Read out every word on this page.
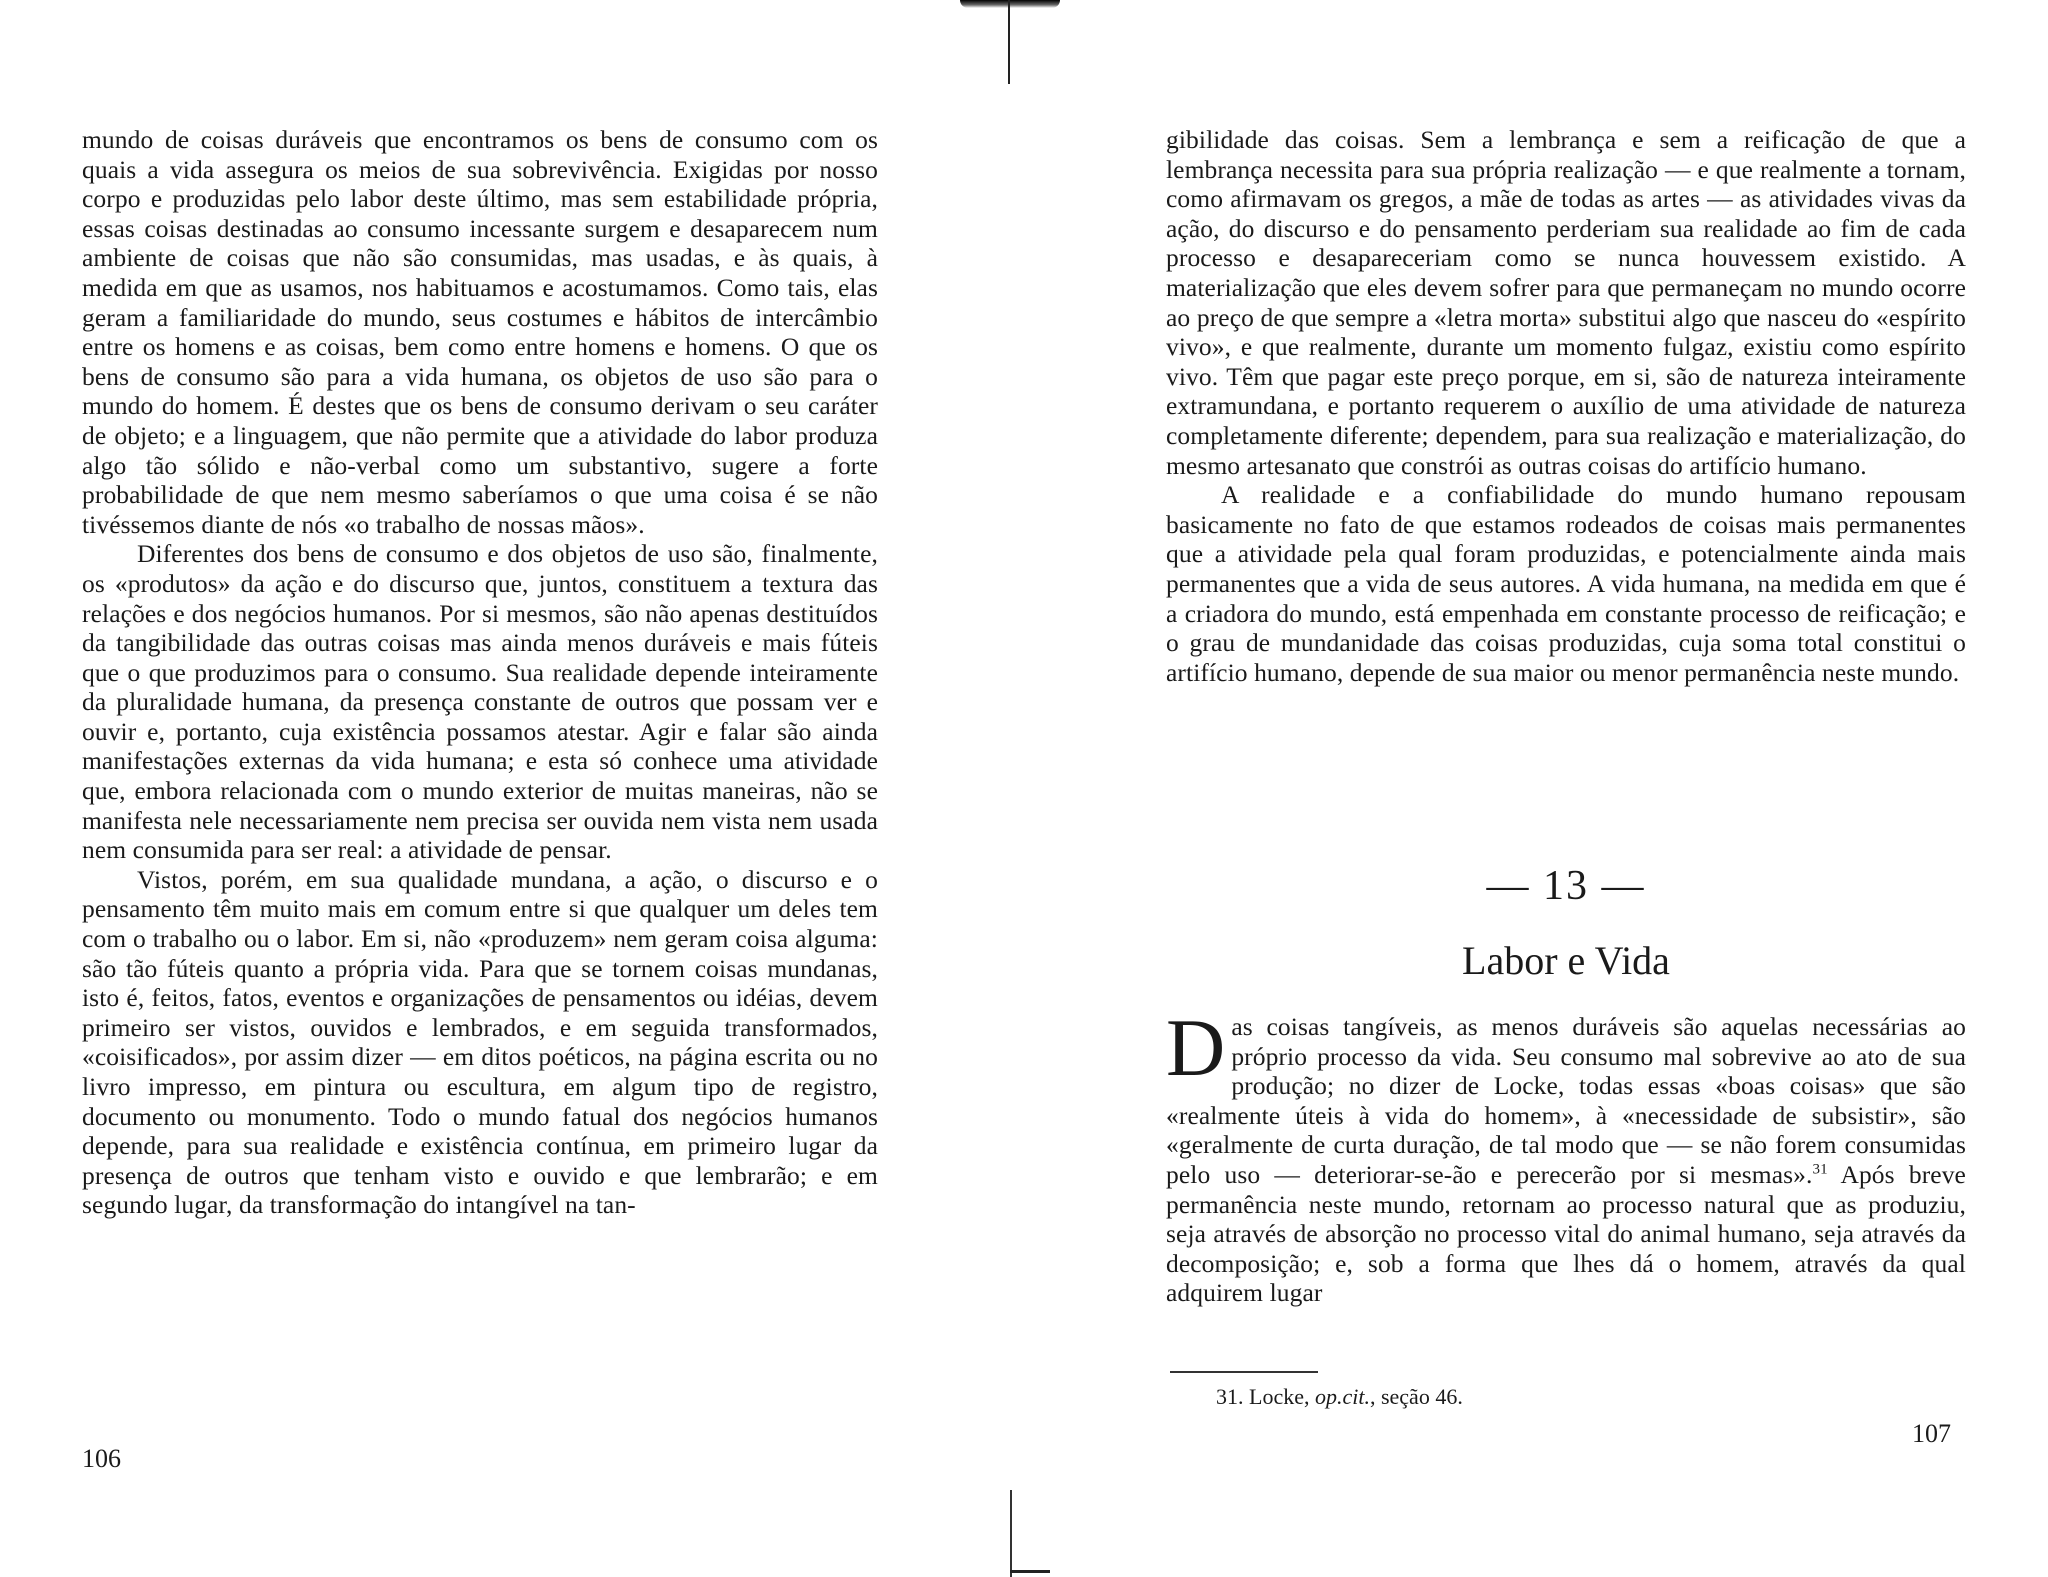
mundo de coisas duráveis que encontramos os bens de consumo com os quais a vida assegura os meios de sua sobrevivência. Exigidas por nosso corpo e produzidas pelo labor deste último, mas sem estabilidade própria, essas coisas destinadas ao consumo incessante surgem e desaparecem num ambiente de coisas que não são consumidas, mas usadas, e às quais, à medida em que as usamos, nos habituamos e acostumamos. Como tais, elas geram a familiaridade do mundo, seus costumes e hábitos de intercâmbio entre os homens e as coisas, bem como entre homens e homens. O que os bens de consumo são para a vida humana, os objetos de uso são para o mundo do homem. É destes que os bens de consumo derivam o seu caráter de objeto; e a linguagem, que não permite que a atividade do labor produza algo tão sólido e não-verbal como um substantivo, sugere a forte probabilidade de que nem mesmo saberíamos o que uma coisa é se não tivéssemos diante de nós «o trabalho de nossas mãos».

Diferentes dos bens de consumo e dos objetos de uso são, finalmente, os «produtos» da ação e do discurso que, juntos, constituem a textura das relações e dos negócios humanos. Por si mesmos, são não apenas destituídos da tangibilidade das outras coisas mas ainda menos duráveis e mais fúteis que o que produzimos para o consumo. Sua realidade depende inteiramente da pluralidade humana, da presença constante de outros que possam ver e ouvir e, portanto, cuja existência possamos atestar. Agir e falar são ainda manifestações externas da vida humana; e esta só conhece uma atividade que, embora relacionada com o mundo exterior de muitas maneiras, não se manifesta nele necessariamente nem precisa ser ouvida nem vista nem usada nem consumida para ser real: a atividade de pensar.

Vistos, porém, em sua qualidade mundana, a ação, o discurso e o pensamento têm muito mais em comum entre si que qualquer um deles tem com o trabalho ou o labor. Em si, não «produzem» nem geram coisa alguma: são tão fúteis quanto a própria vida. Para que se tornem coisas mundanas, isto é, feitos, fatos, eventos e organizações de pensamentos ou idéias, devem primeiro ser vistos, ouvidos e lembrados, e em seguida transformados, «coisificados», por assim dizer — em ditos poéticos, na página escrita ou no livro impresso, em pintura ou escultura, em algum tipo de registro, documento ou monumento. Todo o mundo fatual dos negócios humanos depende, para sua realidade e existência contínua, em primeiro lugar da presença de outros que tenham visto e ouvido e que lembrarão; e em segundo lugar, da transformação do intangível na tan-

106

gibilidade das coisas. Sem a lembrança e sem a reificação de que a lembrança necessita para sua própria realização — e que realmente a tornam, como afirmavam os gregos, a mãe de todas as artes — as atividades vivas da ação, do discurso e do pensamento perderiam sua realidade ao fim de cada processo e desapareceriam como se nunca houvessem existido. A materialização que eles devem sofrer para que permaneçam no mundo ocorre ao preço de que sempre a «letra morta» substitui algo que nasceu do «espírito vivo», e que realmente, durante um momento fulgaz, existiu como espírito vivo. Têm que pagar este preço porque, em si, são de natureza inteiramente extramundana, e portanto requerem o auxílio de uma atividade de natureza completamente diferente; dependem, para sua realização e materialização, do mesmo artesanato que constrói as outras coisas do artifício humano.

A realidade e a confiabilidade do mundo humano repousam basicamente no fato de que estamos rodeados de coisas mais permanentes que a atividade pela qual foram produzidas, e potencialmente ainda mais permanentes que a vida de seus autores. A vida humana, na medida em que é a criadora do mundo, está empenhada em constante processo de reificação; e o grau de mundanidade das coisas produzidas, cuja soma total constitui o artifício humano, depende de sua maior ou menor permanência neste mundo.

— 13 —
Labor e Vida

Das coisas tangíveis, as menos duráveis são aquelas necessárias ao próprio processo da vida. Seu consumo mal sobrevive ao ato de sua produção; no dizer de Locke, todas essas «boas coisas» que são «realmente úteis à vida do homem», à «necessidade de subsistir», são «geralmente de curta duração, de tal modo que — se não forem consumidas pelo uso — deteriorar-se-ão e perecerão por si mesmas».$^{31}$ Após breve permanência neste mundo, retornam ao processo natural que as produziu, seja através de absorção no processo vital do animal humano, seja através da decomposição; e, sob a forma que lhes dá o homem, através da qual adquirem lugar

31. Locke, op.cit., seção 46.
107
